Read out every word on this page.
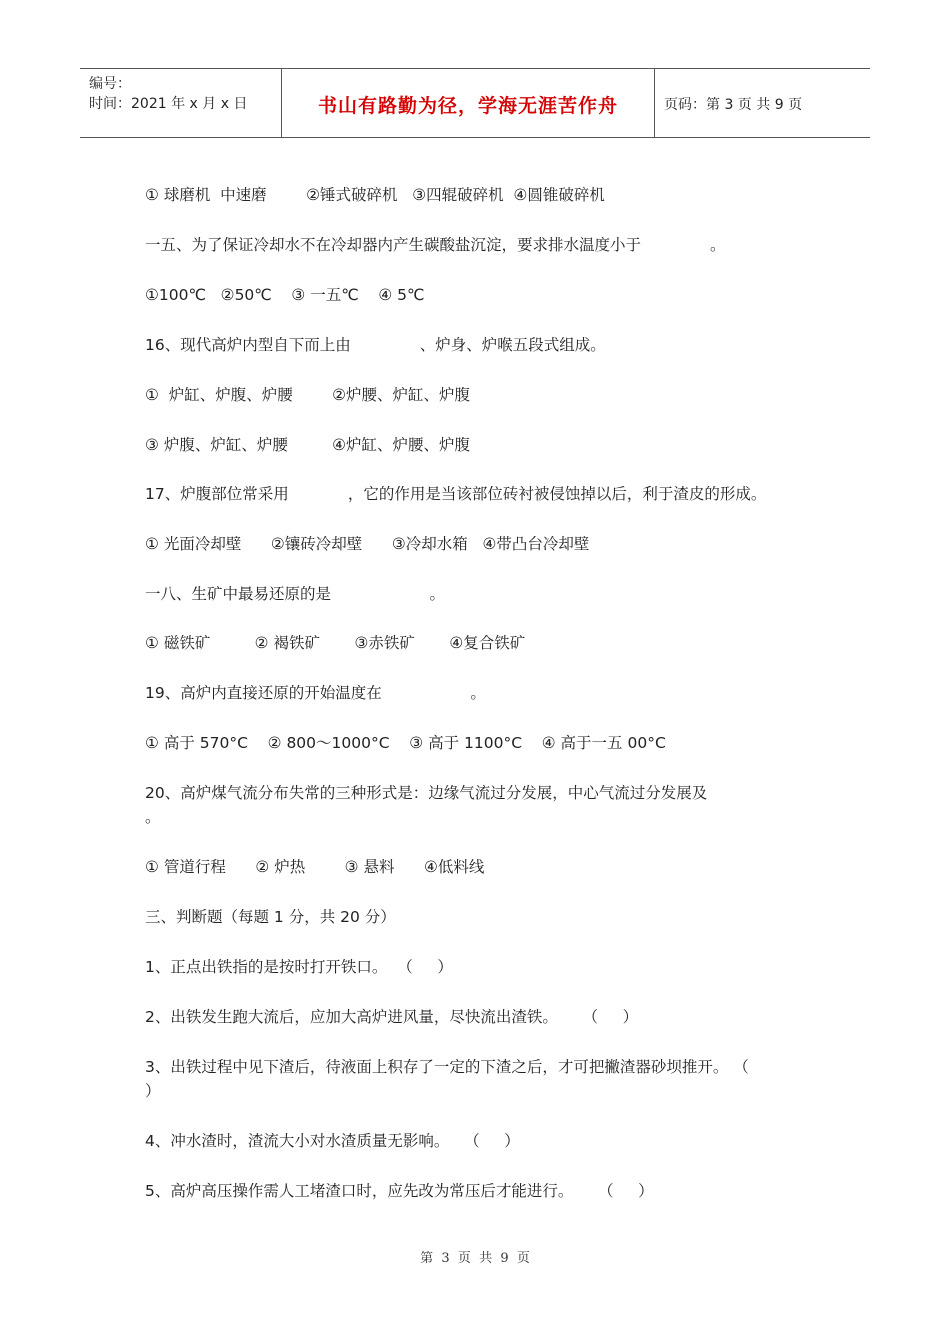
编号：
时间：2021 年 x 月 x 日	书山有路勤为径，学海无涯苦作舟	页码：第 3 页 共 9 页
① 球磨机  中速磨        ②锤式破碎机   ③四辊破碎机  ④圆锥破碎机
一五、为了保证冷却水不在冷却器内产生碳酸盐沉淀，要求排水温度小于              。
①100℃   ②50℃    ③ 一五℃    ④ 5℃
16、现代高炉内型自下而上由              、炉身、炉喉五段式组成。
①  炉缸、炉腹、炉腰        ②炉腰、炉缸、炉腹
③ 炉腹、炉缸、炉腰         ④炉缸、炉腰、炉腹
17、炉腹部位常采用            ，它的作用是当该部位砖衬被侵蚀掉以后，利于渣皮的形成。
① 光面冷却壁      ②镶砖冷却壁      ③冷却水箱   ④带凸台冷却壁
一八、生矿中最易还原的是                    。
① 磁铁矿         ② 褐铁矿       ③赤铁矿       ④复合铁矿
19、高炉内直接还原的开始温度在                  。
① 高于 570°C    ② 800～1000°C    ③ 高于 1100°C    ④ 高于一五 00°C
20、高炉煤气流分布失常的三种形式是：边缘气流过分发展，中心气流过分发展及
。
① 管道行程      ② 炉热        ③ 悬料      ④低料线
三、判断题（每题 1 分，共 20 分）
1、正点出铁指的是按时打开铁口。  （     ）
2、出铁发生跑大流后，应加大高炉进风量，尽快流出渣铁。     （     ）
3、出铁过程中见下渣后，待液面上积存了一定的下渣之后，才可把撇渣器砂坝推开。 （
）
4、冲水渣时，渣流大小对水渣质量无影响。   （     ）
5、高炉高压操作需人工堵渣口时，应先改为常压后才能进行。     （     ）
第  3  页  共  9  页
